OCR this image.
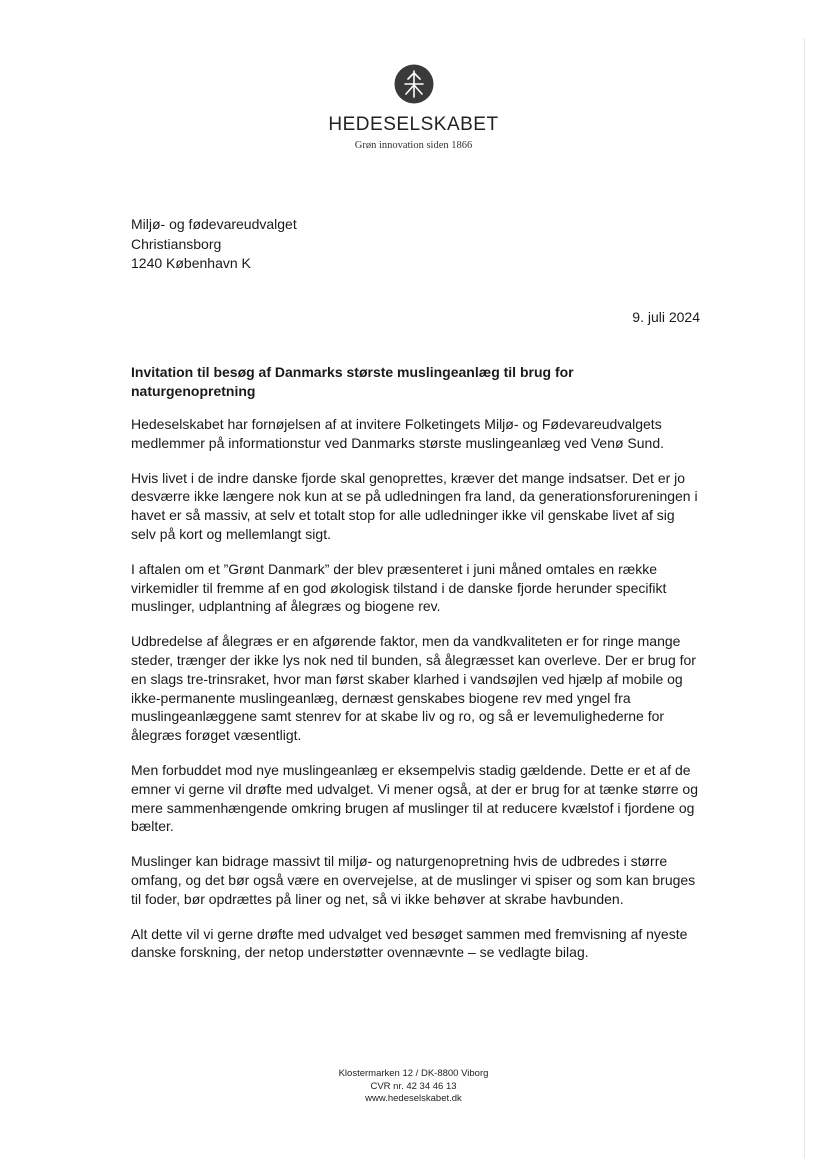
HEDESELSKABET
Grøn innovation siden 1866
Miljø- og fødevareudvalget
Christiansborg
1240 København K
9. juli 2024

Invitation til besøg af Danmarks største muslingeanlæg til brug for naturgenopretning

Hedeselskabet har fornøjelsen af at invitere Folketingets Miljø- og Fødevareudvalgets medlemmer på informationstur ved Danmarks største muslingeanlæg ved Venø Sund.

Hvis livet i de indre danske fjorde skal genoprettes, kræver det mange indsatser. Det er jo desværre ikke længere nok kun at se på udledningen fra land, da generationsforureningen i havet er så massiv, at selv et totalt stop for alle udledninger ikke vil genskabe livet af sig selv på kort og mellemlangt sigt.

I aftalen om et ”Grønt Danmark” der blev præsenteret i juni måned omtales en række virkemidler til fremme af en god økologisk tilstand i de danske fjorde herunder specifikt muslinger, udplantning af ålegræs og biogene rev.

Udbredelse af ålegræs er en afgørende faktor, men da vandkvaliteten er for ringe mange steder, trænger der ikke lys nok ned til bunden, så ålegræsset kan overleve. Der er brug for en slags tre-trinsraket, hvor man først skaber klarhed i vandsøjlen ved hjælp af mobile og ikke-permanente muslingeanlæg, dernæst genskabes biogene rev med yngel fra muslingeanlæggene samt stenrev for at skabe liv og ro, og så er levemulighederne for ålegræs forøget væsentligt.

Men forbuddet mod nye muslingeanlæg er eksempelvis stadig gældende. Dette er et af de emner vi gerne vil drøfte med udvalget. Vi mener også, at der er brug for at tænke større og mere sammenhængende omkring brugen af muslinger til at reducere kvælstof i fjordene og bælter.

Muslinger kan bidrage massivt til miljø- og naturgenopretning hvis de udbredes i større omfang, og det bør også være en overvejelse, at de muslinger vi spiser og som kan bruges til foder, bør opdrættes på liner og net, så vi ikke behøver at skrabe havbunden.

Alt dette vil vi gerne drøfte med udvalget ved besøget sammen med fremvisning af nyeste danske forskning, der netop understøtter ovennævnte – se vedlagte bilag.

Klostermarken 12 / DK-8800 Viborg
CVR nr. 42 34 46 13
www.hedeselskabet.dk
